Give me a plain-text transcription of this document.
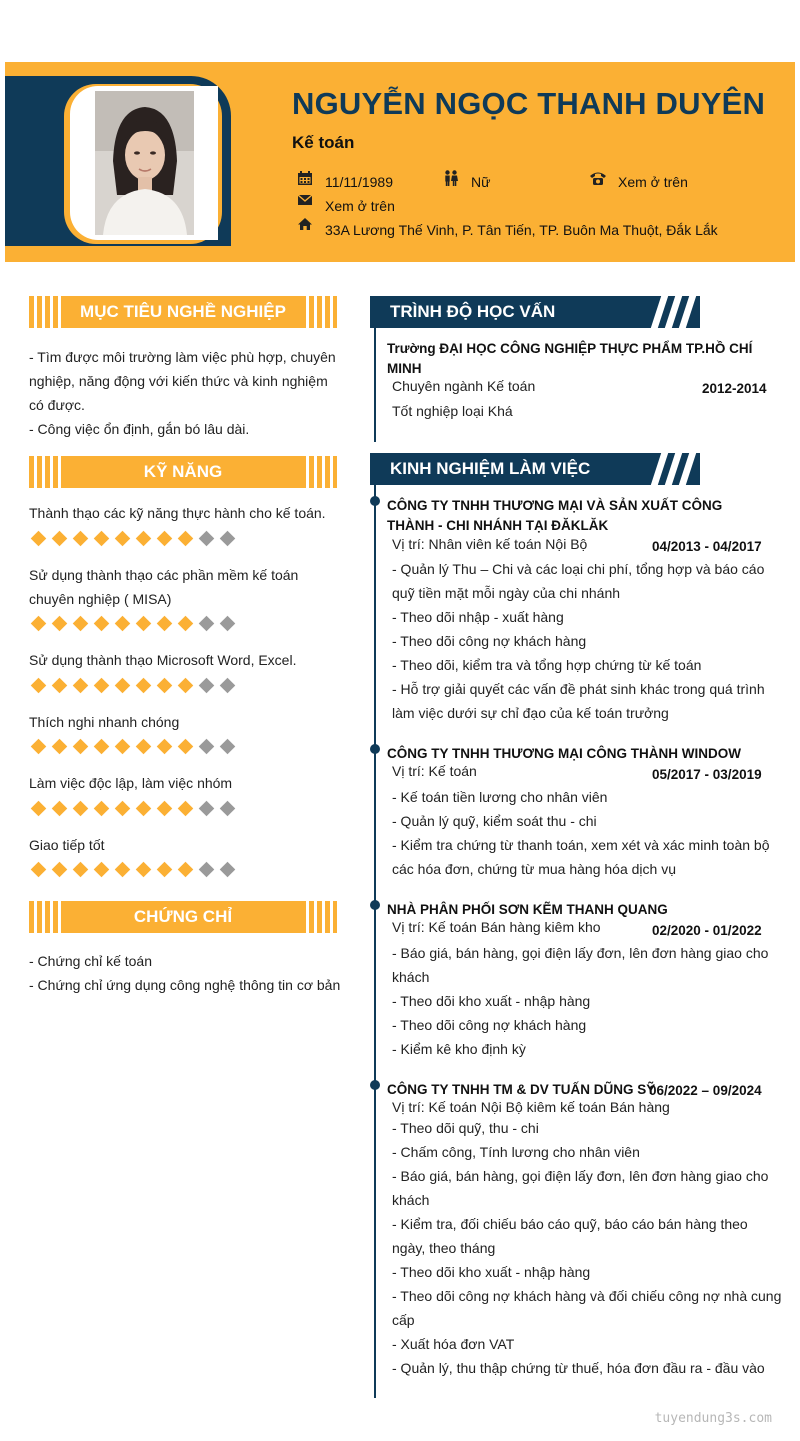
NGUYỄN NGỌC THANH DUYÊN
Kế toán
11/11/1989	Nữ	Xem ở trên
Xem ở trên
33A Lương Thế Vinh, P. Tân Tiến, TP. Buôn Ma Thuột, Đắk Lắk
MỤC TIÊU NGHỀ NGHIỆP
- Tìm được môi trường làm việc phù hợp, chuyên
nghiệp, năng động với kiến thức và kinh nghiệm
có được.
- Công việc ổn định, gắn bó lâu dài.
KỸ NĂNG
Thành thạo các kỹ năng thực hành cho kế toán.
Sử dụng thành thạo các phần mềm kế toán chuyên nghiệp ( MISA)
Sử dụng thành thạo Microsoft Word, Excel.
Thích nghi nhanh chóng
Làm việc độc lập, làm việc nhóm
Giao tiếp tốt
CHỨNG CHỈ
- Chứng chỉ kế toán
- Chứng chỉ ứng dụng công nghệ thông tin cơ bản
TRÌNH ĐỘ HỌC VẤN
Trường ĐẠI HỌC CÔNG NGHIỆP THỰC PHẨM TP.HỒ CHÍ MINH
Chuyên ngành Kế toán	2012-2014
Tốt nghiệp loại Khá
KINH NGHIỆM LÀM VIỆC
CÔNG TY TNHH THƯƠNG MẠI VÀ SẢN XUẤT CÔNG THÀNH - CHI NHÁNH TẠI ĐĂKLĂK
Vị trí: Nhân viên kế toán Nội Bộ	04/2013 - 04/2017
- Quản lý Thu – Chi và các loại chi phí, tổng hợp và báo cáo quỹ tiền mặt mỗi ngày của chi nhánh
- Theo dõi nhập - xuất hàng
- Theo dõi công nợ khách hàng
- Theo dõi, kiểm tra và tổng hợp chứng từ kế toán
- Hỗ trợ giải quyết các vấn đề phát sinh khác trong quá trình làm việc dưới sự chỉ đạo của kế toán trưởng
CÔNG TY TNHH THƯƠNG MẠI CÔNG THÀNH WINDOW
Vị trí: Kế toán	05/2017 - 03/2019
- Kế toán tiền lương cho nhân viên
- Quản lý quỹ, kiểm soát thu - chi
- Kiểm tra chứng từ thanh toán, xem xét và xác minh toàn bộ các hóa đơn, chứng từ mua hàng hóa dịch vụ
NHÀ PHÂN PHỐI SƠN KẼM THANH QUANG
Vị trí: Kế toán Bán hàng kiêm kho	02/2020 - 01/2022
- Báo giá, bán hàng, gọi điện lấy đơn, lên đơn hàng giao cho khách
- Theo dõi kho xuất - nhập hàng
- Theo dõi công nợ khách hàng
- Kiểm kê kho định kỳ
CÔNG TY TNHH TM & DV TUẤN DŨNG SỸ
06/2022 – 09/2024
Vị trí: Kế toán Nội Bộ kiêm kế toán Bán hàng
- Theo dõi quỹ, thu - chi
- Chấm công, Tính lương cho nhân viên
- Báo giá, bán hàng, gọi điện lấy đơn, lên đơn hàng giao cho khách
- Kiểm tra, đối chiếu báo cáo quỹ, báo cáo bán hàng theo ngày, theo tháng
- Theo dõi kho xuất - nhập hàng
- Theo dõi công nợ khách hàng và đối chiếu công nợ nhà cung cấp
- Xuất hóa đơn VAT
- Quản lý, thu thập chứng từ thuế, hóa đơn đầu ra - đầu vào
tuyendung3s.com
